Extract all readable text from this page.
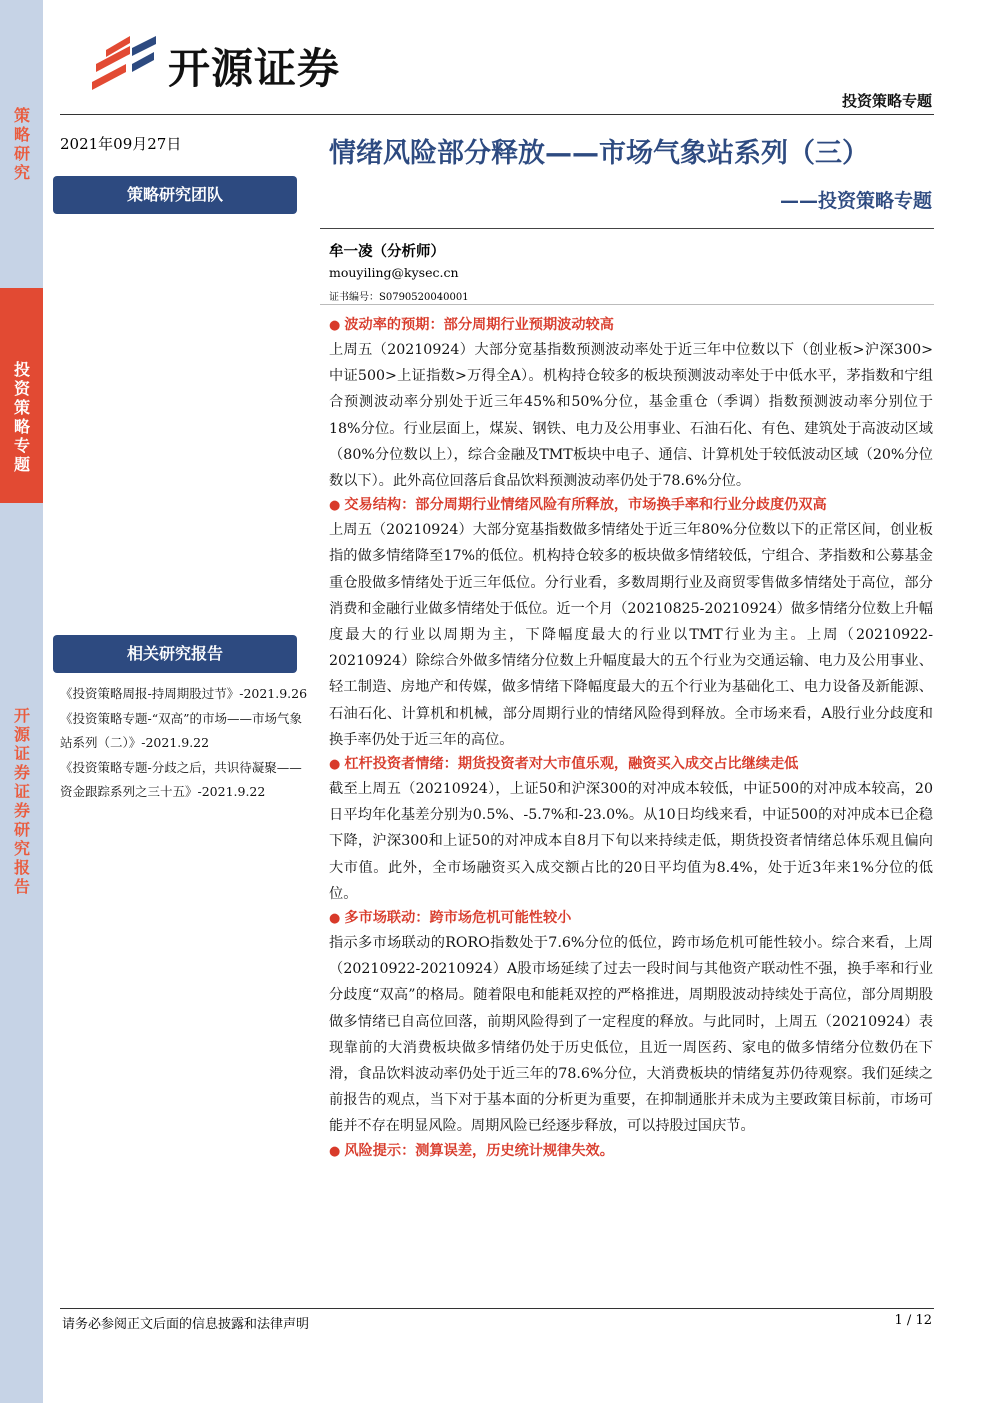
策略研究
投资策略专题
开源证券 证券研究报告
开源证券
投资策略专题
2021年09月27日
策略研究团队
相关研究报告
《投资策略周报-持周期股过节》-2021.9.26
《投资策略专题-“双高”的市场——市场气象站系列（二）》-2021.9.22
《投资策略专题-分歧之后，共识待凝聚——资金跟踪系列之三十五》-2021.9.22
情绪风险部分释放——市场气象站系列（三）
——投资策略专题
牟一凌（分析师）
mouyiling@kysec.cn
证书编号：S0790520040001
● 波动率的预期：部分周期行业预期波动较高

上周五（20210924）大部分宽基指数预测波动率处于近三年中位数以下（创业板>沪深300>中证500>上证指数>万得全A）。机构持仓较多的板块预测波动率处于中低水平，茅指数和宁组合预测波动率分别处于近三年45%和50%分位，基金重仓（季调）指数预测波动率分别位于18%分位。行业层面上，煤炭、钢铁、电力及公用事业、石油石化、有色、建筑处于高波动区域（80%分位数以上），综合金融及TMT板块中电子、通信、计算机处于较低波动区域（20%分位数以下）。此外高位回落后食品饮料预测波动率仍处于78.6%分位。

● 交易结构：部分周期行业情绪风险有所释放，市场换手率和行业分歧度仍双高

上周五（20210924）大部分宽基指数做多情绪处于近三年80%分位数以下的正常区间，创业板指的做多情绪降至17%的低位。机构持仓较多的板块做多情绪较低，宁组合、茅指数和公募基金重仓股做多情绪处于近三年低位。分行业看，多数周期行业及商贸零售做多情绪处于高位，部分消费和金融行业做多情绪处于低位。近一个月（20210825-20210924）做多情绪分位数上升幅度最大的行业以周期为主，下降幅度最大的行业以TMT行业为主。上周（20210922-20210924）除综合外做多情绪分位数上升幅度最大的五个行业为交通运输、电力及公用事业、轻工制造、房地产和传媒，做多情绪下降幅度最大的五个行业为基础化工、电力设备及新能源、石油石化、计算机和机械，部分周期行业的情绪风险得到释放。全市场来看，A股行业分歧度和换手率仍处于近三年的高位。

● 杠杆投资者情绪：期货投资者对大市值乐观，融资买入成交占比继续走低

截至上周五（20210924），上证50和沪深300的对冲成本较低，中证500的对冲成本较高，20日平均年化基差分别为0.5%、-5.7%和-23.0%。从10日均线来看，中证500的对冲成本已企稳下降，沪深300和上证50的对冲成本自8月下旬以来持续走低，期货投资者情绪总体乐观且偏向大市值。此外，全市场融资买入成交额占比的20日平均值为8.4%，处于近3年来1%分位的低位。

● 多市场联动：跨市场危机可能性较小

指示多市场联动的RORO指数处于7.6%分位的低位，跨市场危机可能性较小。综合来看，上周（20210922-20210924）A股市场延续了过去一段时间与其他资产联动性不强，换手率和行业分歧度“双高”的格局。随着限电和能耗双控的严格推进，周期股波动持续处于高位，部分周期股做多情绪已自高位回落，前期风险得到了一定程度的释放。与此同时，上周五（20210924）表现靠前的大消费板块做多情绪仍处于历史低位，且近一周医药、家电的做多情绪分位数仍在下滑，食品饮料波动率仍处于近三年的78.6%分位，大消费板块的情绪复苏仍待观察。我们延续之前报告的观点，当下对于基本面的分析更为重要，在抑制通胀并未成为主要政策目标前，市场可能并不存在明显风险。周期风险已经逐步释放，可以持股过国庆节。

● 风险提示：测算误差，历史统计规律失效。
请务必参阅正文后面的信息披露和法律声明	1 / 12
